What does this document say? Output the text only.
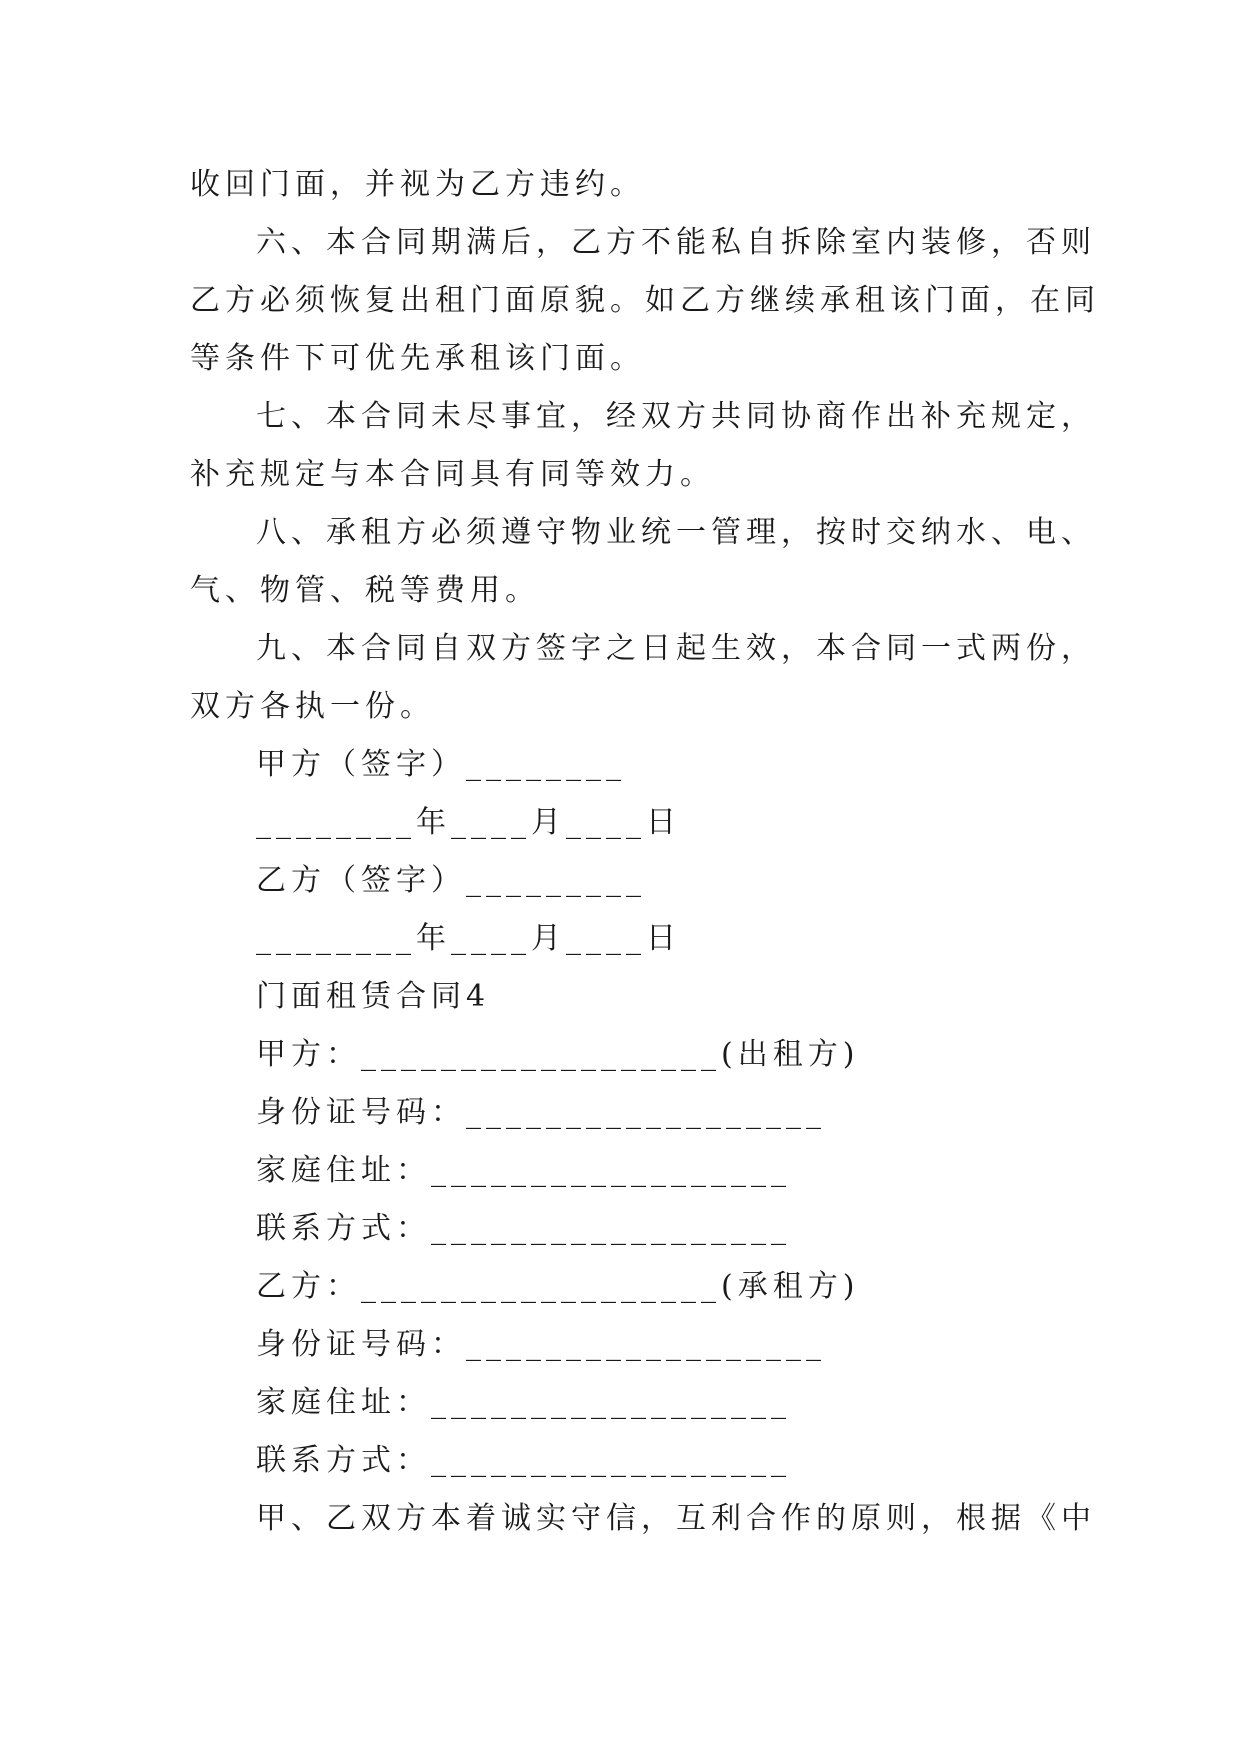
收回门面，并视为乙方违约。
六、本合同期满后，乙方不能私自拆除室内装修，否则
乙方必须恢复出租门面原貌。如乙方继续承租该门面，在同
等条件下可优先承租该门面。
七、本合同未尽事宜，经双方共同协商作出补充规定，
补充规定与本合同具有同等效力。
八、承租方必须遵守物业统一管理，按时交纳水、电、
气、物管、税等费用。
九、本合同自双方签字之日起生效，本合同一式两份，
双方各执一份。
甲方（签字）________
________年____月____日
乙方（签字）_________
________年____月____日
门面租赁合同4
甲方：__________________(出租方)
身份证号码：__________________
家庭住址：__________________
联系方式：__________________
乙方：__________________(承租方)
身份证号码：__________________
家庭住址：__________________
联系方式：__________________
甲、乙双方本着诚实守信，互利合作的原则，根据《中
